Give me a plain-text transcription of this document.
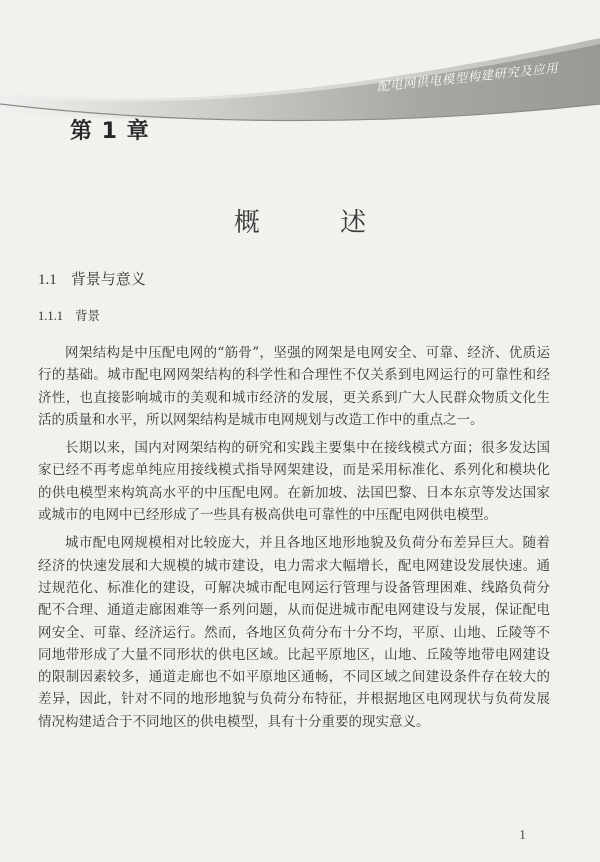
配电网供电模型构建研究及应用
第 1 章
概 述
1.1 背景与意义
1.1.1 背景

网架结构是中压配电网的“筋骨”，坚强的网架是电网安全、可靠、经济、优质运行的基础。城市配电网网架结构的科学性和合理性不仅关系到电网运行的可靠性和经济性，也直接影响城市的美观和城市经济的发展，更关系到广大人民群众物质文化生活的质量和水平，所以网架结构是城市电网规划与改造工作中的重点之一。

长期以来，国内对网架结构的研究和实践主要集中在接线模式方面；很多发达国家已经不再考虑单纯应用接线模式指导网架建设，而是采用标准化、系列化和模块化的供电模型来构筑高水平的中压配电网。在新加坡、法国巴黎、日本东京等发达国家或城市的电网中已经形成了一些具有极高供电可靠性的中压配电网供电模型。

城市配电网规模相对比较庞大，并且各地区地形地貌及负荷分布差异巨大。随着经济的快速发展和大规模的城市建设，电力需求大幅增长，配电网建设发展快速。通过规范化、标准化的建设，可解决城市配电网运行管理与设备管理困难、线路负荷分配不合理、通道走廊困难等一系列问题，从而促进城市配电网建设与发展，保证配电网安全、可靠、经济运行。然而，各地区负荷分布十分不均，平原、山地、丘陵等不同地带形成了大量不同形状的供电区域。比起平原地区，山地、丘陵等地带电网建设的限制因素较多，通道走廊也不如平原地区通畅，不同区域之间建设条件存在较大的差异，因此，针对不同的地形地貌与负荷分布特征，并根据地区电网现状与负荷发展情况构建适合于不同地区的供电模型，具有十分重要的现实意义。

1
